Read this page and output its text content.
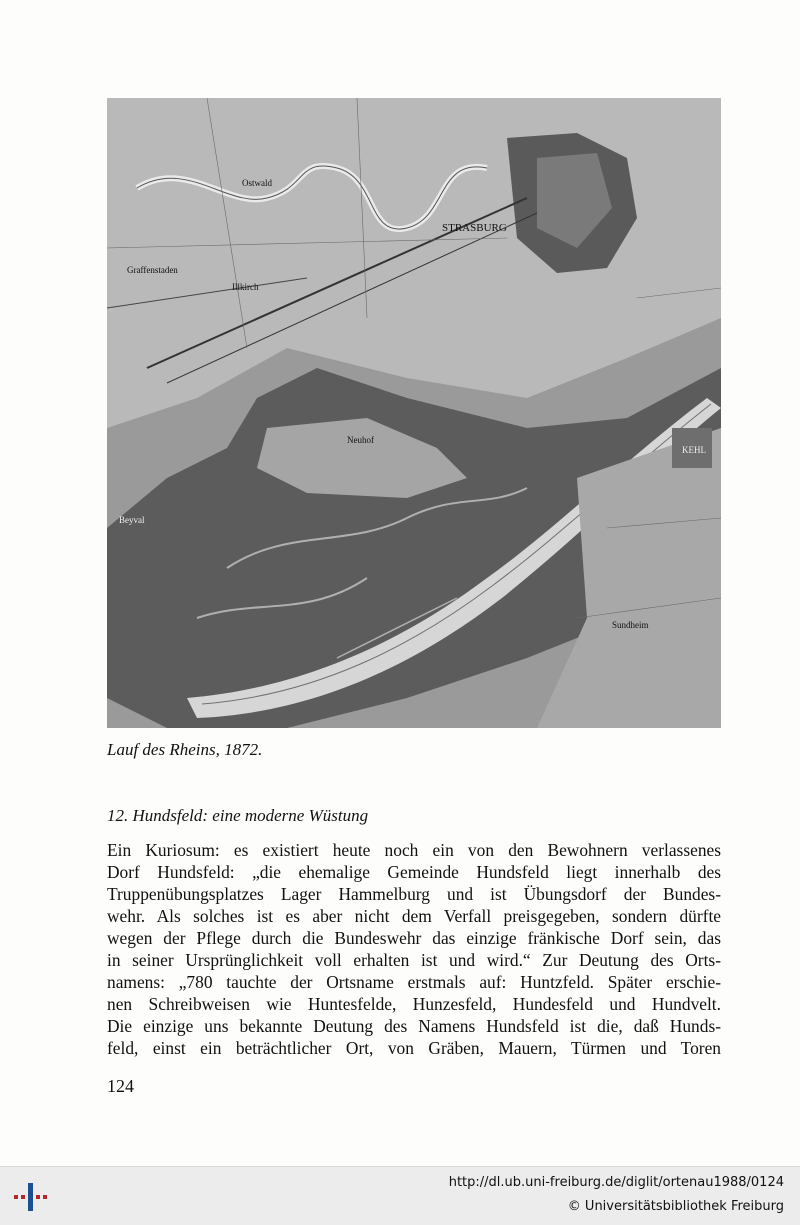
STRASBURG
Illkirch
Graffenstaden
Neuhof
Ostwald
KEHL
Sundheim
Beyval
Lauf des Rheins, 1872.
12. Hundsfeld: eine moderne Wüstung
Ein Kuriosum: es existiert heute noch ein von den Bewohnern verlassenes
Dorf Hundsfeld: „die ehemalige Gemeinde Hundsfeld liegt innerhalb des
Truppenübungsplatzes Lager Hammelburg und ist Übungsdorf der Bundes-
wehr. Als solches ist es aber nicht dem Verfall preisgegeben, sondern dürfte
wegen der Pflege durch die Bundeswehr das einzige fränkische Dorf sein, das
in seiner Ursprünglichkeit voll erhalten ist und wird.“ Zur Deutung des Orts-
namens: „780 tauchte der Ortsname erstmals auf: Huntzfeld. Später erschie-
nen Schreibweisen wie Huntesfelde, Hunzesfeld, Hundesfeld und Hundvelt.
Die einzige uns bekannte Deutung des Namens Hundsfeld ist die, daß Hunds-
feld, einst ein beträchtlicher Ort, von Gräben, Mauern, Türmen und Toren
124
http://dl.ub.uni-freiburg.de/diglit/ortenau1988/0124
© Universitätsbibliothek Freiburg
